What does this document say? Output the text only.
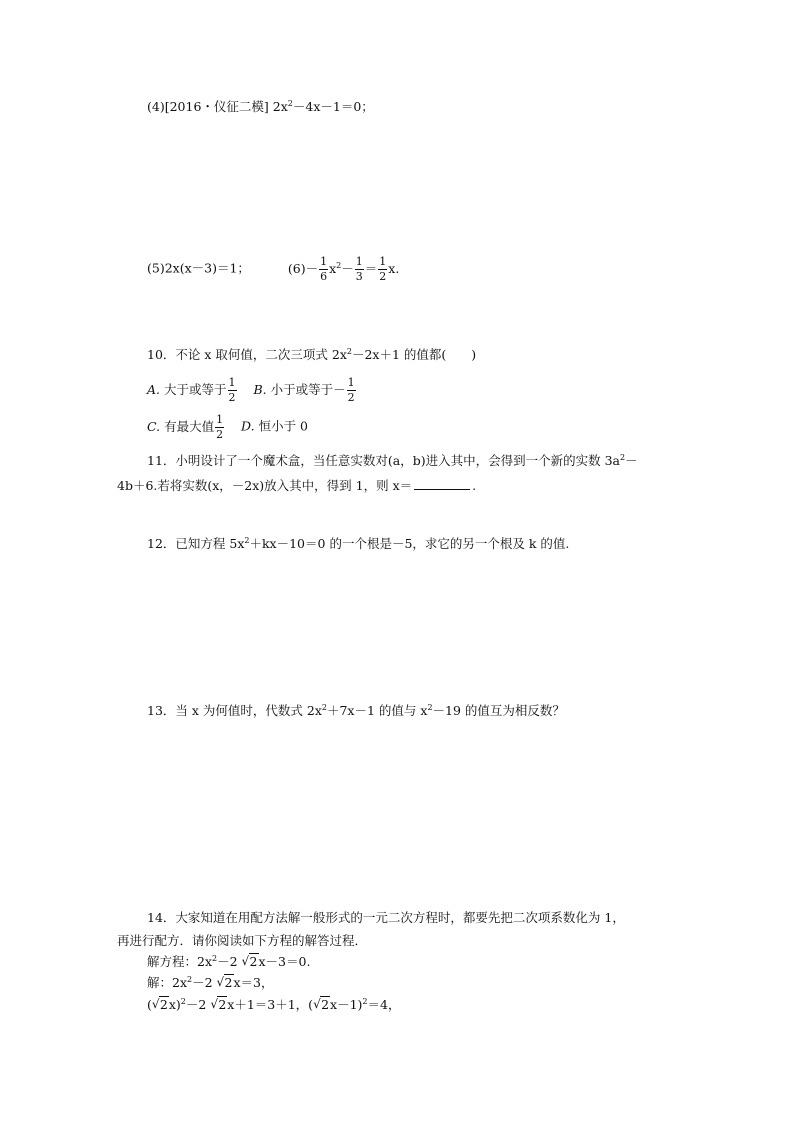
(4)[2016・仪征二模] $2x^2-4x-1=0$；
(5)2x(x－3)＝1；	$(6)- \frac{1}{6} x^2- \frac{1}{3} = \frac{1}{2} x$.
10．不论 x 取何值，二次三项式 $2x^2-2x+1$ 的值都(　　)
A. 大于或等于 $\frac{1}{2} B$. 小于或等于－ $\frac{1}{2}$
C. 有最大值 $\frac{1}{2} D$. 恒小于 0
11．小明设计了一个魔术盒，当任意实数对(a，b)进入其中，会得到一个新的实数 $3a^2-$
4b＋6.若将实数(x，－2x)放入其中，得到 1，则 x＝	.
12．已知方程 $5x^2+kx-10=0$ 的一个根是－5，求它的另一个根及 k 的值.
13．当 x 为何值时，代数式 $2x^2+7x-1$ 的值与 $x^2-19$ 的值互为相反数？
14．大家知道在用配方法解一般形式的一元二次方程时，都要先把二次项系数化为 1，
再进行配方．请你阅读如下方程的解答过程．
解方程：$2x^2-2$ √ 2x－3＝0.
解：$2x^2-2$ √ 2x＝3，
( √ 2x)$^2$－2 √ 2x＋1＝3＋1，( √ 2x－1)$^2$＝4，
